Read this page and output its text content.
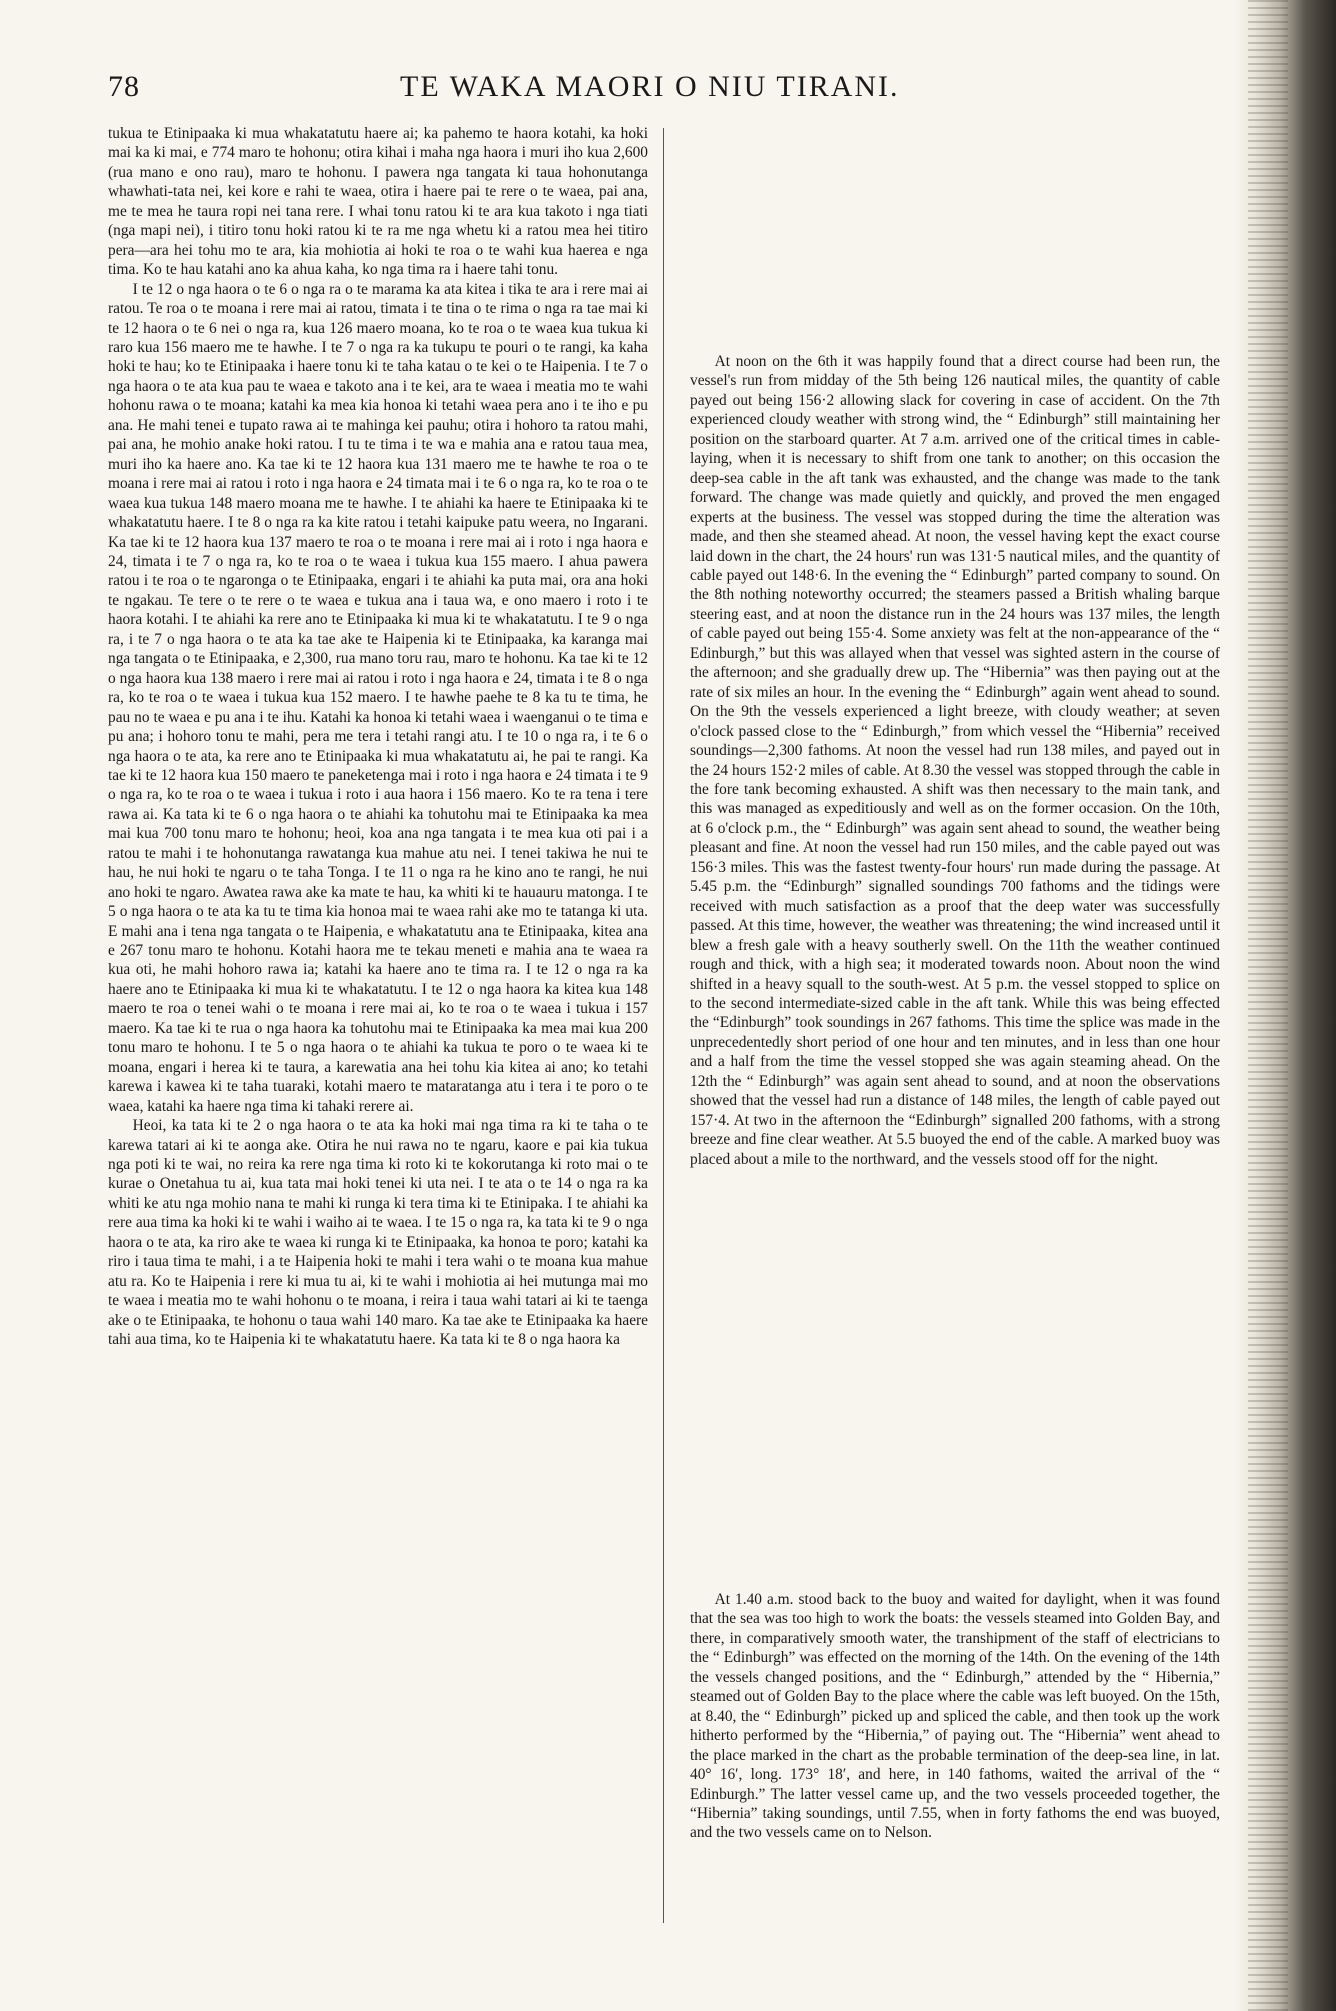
78	TE WAKA MAORI O NIU TIRANI.

tukua te Etinipaaka ki mua whakatatutu haere ai; ka pahemo te haora kotahi, ka hoki mai ka ki mai, e 774 maro te hohonu; otira kihai i maha nga haora i muri iho kua 2,600 (rua mano e ono rau), maro te hohonu. I pawera nga tangata ki taua hohonutanga whawhati-tata nei, kei kore e rahi te waea, otira i haere pai te rere o te waea, pai ana, me te mea he taura ropi nei tana rere. I whai tonu ratou ki te ara kua takoto i nga tiati (nga mapi nei), i titiro tonu hoki ratou ki te ra me nga whetu ki a ratou mea hei titiro pera—ara hei tohu mo te ara, kia mohiotia ai hoki te roa o te wahi kua haerea e nga tima. Ko te hau katahi ano ka ahua kaha, ko nga tima ra i haere tahi tonu.

I te 12 o nga haora o te 6 o nga ra o te marama ka ata kitea i tika te ara i rere mai ai ratou. Te roa o te moana i rere mai ai ratou, timata i te tina o te rima o nga ra tae mai ki te 12 haora o te 6 nei o nga ra, kua 126 maero moana, ko te roa o te waea kua tukua ki raro kua 156 maero me te hawhe. I te 7 o nga ra ka tukupu te pouri o te rangi, ka kaha hoki te hau; ko te Etinipaaka i haere tonu ki te taha katau o te kei o te Haipenia. I te 7 o nga haora o te ata kua pau te waea e takoto ana i te kei, ara te waea i meatia mo te wahi hohonu rawa o te moana; katahi ka mea kia honoa ki tetahi waea pera ano i te iho e pu ana. He mahi tenei e tupato rawa ai te mahinga kei pauhu; otira i hohoro ta ratou mahi, pai ana, he mohio anake hoki ratou. I tu te tima i te wa e mahia ana e ratou taua mea, muri iho ka haere ano. Ka tae ki te 12 haora kua 131 maero me te hawhe te roa o te moana i rere mai ai ratou i roto i nga haora e 24 timata mai i te 6 o nga ra, ko te roa o te waea kua tukua 148 maero moana me te hawhe. I te ahiahi ka haere te Etinipaaka ki te whakatatutu haere. I te 8 o nga ra ka kite ratou i tetahi kaipuke patu weera, no Ingarani. Ka tae ki te 12 haora kua 137 maero te roa o te moana i rere mai ai i roto i nga haora e 24, timata i te 7 o nga ra, ko te roa o te waea i tukua kua 155 maero. I ahua pawera ratou i te roa o te ngaronga o te Etinipaaka, engari i te ahiahi ka puta mai, ora ana hoki te ngakau. Te tere o te rere o te waea e tukua ana i taua wa, e ono maero i roto i te haora kotahi. I te ahiahi ka rere ano te Etinipaaka ki mua ki te whakatatutu. I te 9 o nga ra, i te 7 o nga haora o te ata ka tae ake te Haipenia ki te Etinipaaka, ka karanga mai nga tangata o te Etinipaaka, e 2,300, rua mano toru rau, maro te hohonu. Ka tae ki te 12 o nga haora kua 138 maero i rere mai ai ratou i roto i nga haora e 24, timata i te 8 o nga ra, ko te roa o te waea i tukua kua 152 maero. I te hawhe paehe te 8 ka tu te tima, he pau no te waea e pu ana i te ihu. Katahi ka honoa ki tetahi waea i waenganui o te tima e pu ana; i hohoro tonu te mahi, pera me tera i tetahi rangi atu. I te 10 o nga ra, i te 6 o nga haora o te ata, ka rere ano te Etinipaaka ki mua whakatatutu ai, he pai te rangi. Ka tae ki te 12 haora kua 150 maero te paneketenga mai i roto i nga haora e 24 timata i te 9 o nga ra, ko te roa o te waea i tukua i roto i aua haora i 156 maero. Ko te ra tena i tere rawa ai. Ka tata ki te 6 o nga haora o te ahiahi ka tohutohu mai te Etinipaaka ka mea mai kua 700 tonu maro te hohonu; heoi, koa ana nga tangata i te mea kua oti pai i a ratou te mahi i te hohonutanga rawatanga kua mahue atu nei. I tenei takiwa he nui te hau, he nui hoki te ngaru o te taha Tonga. I te 11 o nga ra he kino ano te rangi, he nui ano hoki te ngaro. Awatea rawa ake ka mate te hau, ka whiti ki te hauauru matonga. I te 5 o nga haora o te ata ka tu te tima kia honoa mai te waea rahi ake mo te tatanga ki uta. E mahi ana i tena nga tangata o te Haipenia, e whakatatutu ana te Etinipaaka, kitea ana e 267 tonu maro te hohonu. Kotahi haora me te tekau meneti e mahia ana te waea ra kua oti, he mahi hohoro rawa ia; katahi ka haere ano te tima ra. I te 12 o nga ra ka haere ano te Etinipaaka ki mua ki te whakatatutu. I te 12 o nga haora ka kitea kua 148 maero te roa o tenei wahi o te moana i rere mai ai, ko te roa o te waea i tukua i 157 maero. Ka tae ki te rua o nga haora ka tohutohu mai te Etinipaaka ka mea mai kua 200 tonu maro te hohonu. I te 5 o nga haora o te ahiahi ka tukua te poro o te waea ki te moana, engari i herea ki te taura, a karewatia ana hei tohu kia kitea ai ano; ko tetahi karewa i kawea ki te taha tuaraki, kotahi maero te mataratanga atu i tera i te poro o te waea, katahi ka haere nga tima ki tahaki rerere ai.

Heoi, ka tata ki te 2 o nga haora o te ata ka hoki mai nga tima ra ki te taha o te karewa tatari ai ki te aonga ake. Otira he nui rawa no te ngaru, kaore e pai kia tukua nga poti ki te wai, no reira ka rere nga tima ki roto ki te kokorutanga ki roto mai o te kurae o Onetahua tu ai, kua tata mai hoki tenei ki uta nei. I te ata o te 14 o nga ra ka whiti ke atu nga mohio nana te mahi ki runga ki tera tima ki te Etinipaka. I te ahiahi ka rere aua tima ka hoki ki te wahi i waiho ai te waea. I te 15 o nga ra, ka tata ki te 9 o nga haora o te ata, ka riro ake te waea ki runga ki te Etinipaaka, ka honoa te poro; katahi ka riro i taua tima te mahi, i a te Haipenia hoki te mahi i tera wahi o te moana kua mahue atu ra. Ko te Haipenia i rere ki mua tu ai, ki te wahi i mohiotia ai hei mutunga mai mo te waea i meatia mo te wahi hohonu o te moana, i reira i taua wahi tatari ai ki te taenga ake o te Etinipaaka, te hohonu o taua wahi 140 maro. Ka tae ake te Etinipaaka ka haere tahi aua tima, ko te Haipenia ki te whakatatutu haere. Ka tata ki te 8 o nga haora ka

At noon on the 6th it was happily found that a direct course had been run, the vessel's run from midday of the 5th being 126 nautical miles, the quantity of cable payed out being 156·2 allowing slack for covering in case of accident. On the 7th experienced cloudy weather with strong wind, the “ Edinburgh” still maintaining her position on the starboard quarter. At 7 a.m. arrived one of the critical times in cable-laying, when it is necessary to shift from one tank to another; on this occasion the deep-sea cable in the aft tank was exhausted, and the change was made to the tank forward. The change was made quietly and quickly, and proved the men engaged experts at the business. The vessel was stopped during the time the alteration was made, and then she steamed ahead. At noon, the vessel having kept the exact course laid down in the chart, the 24 hours' run was 131·5 nautical miles, and the quantity of cable payed out 148·6. In the evening the “ Edinburgh” parted company to sound. On the 8th nothing noteworthy occurred; the steamers passed a British whaling barque steering east, and at noon the distance run in the 24 hours was 137 miles, the length of cable payed out being 155·4. Some anxiety was felt at the non-appearance of the “ Edinburgh,” but this was allayed when that vessel was sighted astern in the course of the afternoon; and she gradually drew up. The “Hibernia” was then paying out at the rate of six miles an hour. In the evening the “ Edinburgh” again went ahead to sound. On the 9th the vessels experienced a light breeze, with cloudy weather; at seven o'clock passed close to the “ Edinburgh,” from which vessel the “Hibernia” received soundings—2,300 fathoms. At noon the vessel had run 138 miles, and payed out in the 24 hours 152·2 miles of cable. At 8.30 the vessel was stopped through the cable in the fore tank becoming exhausted. A shift was then necessary to the main tank, and this was managed as expeditiously and well as on the former occasion. On the 10th, at 6 o'clock p.m., the “ Edinburgh” was again sent ahead to sound, the weather being pleasant and fine. At noon the vessel had run 150 miles, and the cable payed out was 156·3 miles. This was the fastest twenty-four hours' run made during the passage. At 5.45 p.m. the “Edinburgh” signalled soundings 700 fathoms and the tidings were received with much satisfaction as a proof that the deep water was successfully passed. At this time, however, the weather was threatening; the wind increased until it blew a fresh gale with a heavy southerly swell. On the 11th the weather continued rough and thick, with a high sea; it moderated towards noon. About noon the wind shifted in a heavy squall to the south-west. At 5 p.m. the vessel stopped to splice on to the second intermediate-sized cable in the aft tank. While this was being effected the “Edinburgh” took soundings in 267 fathoms. This time the splice was made in the unprecedentedly short period of one hour and ten minutes, and in less than one hour and a half from the time the vessel stopped she was again steaming ahead. On the 12th the “ Edinburgh” was again sent ahead to sound, and at noon the observations showed that the vessel had run a distance of 148 miles, the length of cable payed out 157·4. At two in the afternoon the “Edinburgh” signalled 200 fathoms, with a strong breeze and fine clear weather. At 5.5 buoyed the end of the cable. A marked buoy was placed about a mile to the northward, and the vessels stood off for the night.

At 1.40 a.m. stood back to the buoy and waited for daylight, when it was found that the sea was too high to work the boats: the vessels steamed into Golden Bay, and there, in comparatively smooth water, the transhipment of the staff of electricians to the “ Edinburgh” was effected on the morning of the 14th. On the evening of the 14th the vessels changed positions, and the “ Edinburgh,” attended by the “ Hibernia,” steamed out of Golden Bay to the place where the cable was left buoyed. On the 15th, at 8.40, the “ Edinburgh” picked up and spliced the cable, and then took up the work hitherto performed by the “Hibernia,” of paying out. The “Hibernia” went ahead to the place marked in the chart as the probable termination of the deep-sea line, in lat. 40° 16′, long. 173° 18′, and here, in 140 fathoms, waited the arrival of the “ Edinburgh.” The latter vessel came up, and the two vessels proceeded together, the “Hibernia” taking soundings, until 7.55, when in forty fathoms the end was buoyed, and the two vessels came on to Nelson.
